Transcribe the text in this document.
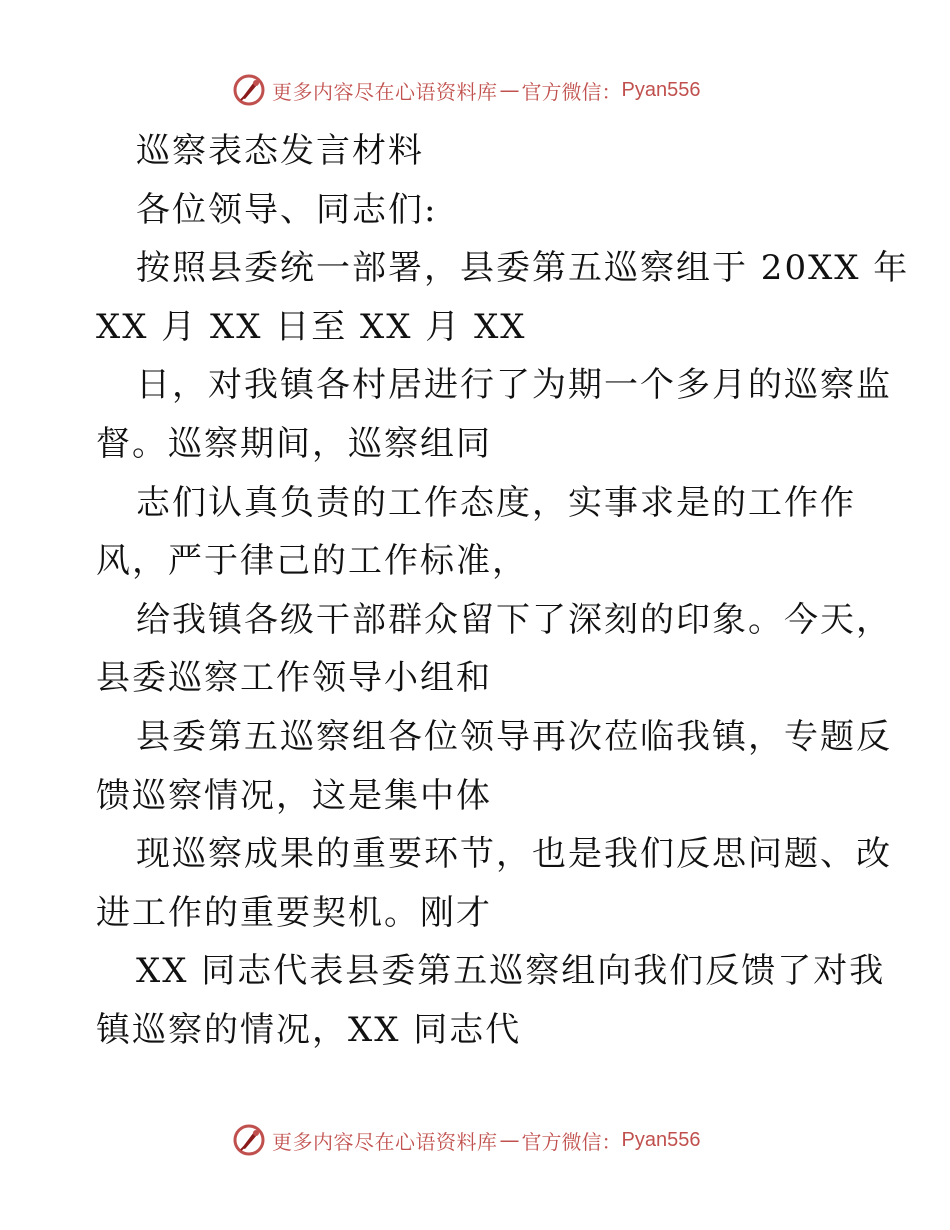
更多内容尽在心语资料库 — 官方微信： Pyan556
巡察表态发言材料
各位领导、同志们:
按照县委统一部署，县委第五巡察组于 20XX 年
XX 月 XX 日至 XX 月 XX
日，对我镇各村居进行了为期一个多月的巡察监
督。巡察期间，巡察组同
志们认真负责的工作态度，实事求是的工作作
风，严于律己的工作标准，
给我镇各级干部群众留下了深刻的印象。今天，
县委巡察工作领导小组和
县委第五巡察组各位领导再次莅临我镇，专题反
馈巡察情况，这是集中体
现巡察成果的重要环节，也是我们反思问题、改
进工作的重要契机。刚才
XX 同志代表县委第五巡察组向我们反馈了对我
镇巡察的情况，XX 同志代
更多内容尽在心语资料库 — 官方微信： Pyan556
